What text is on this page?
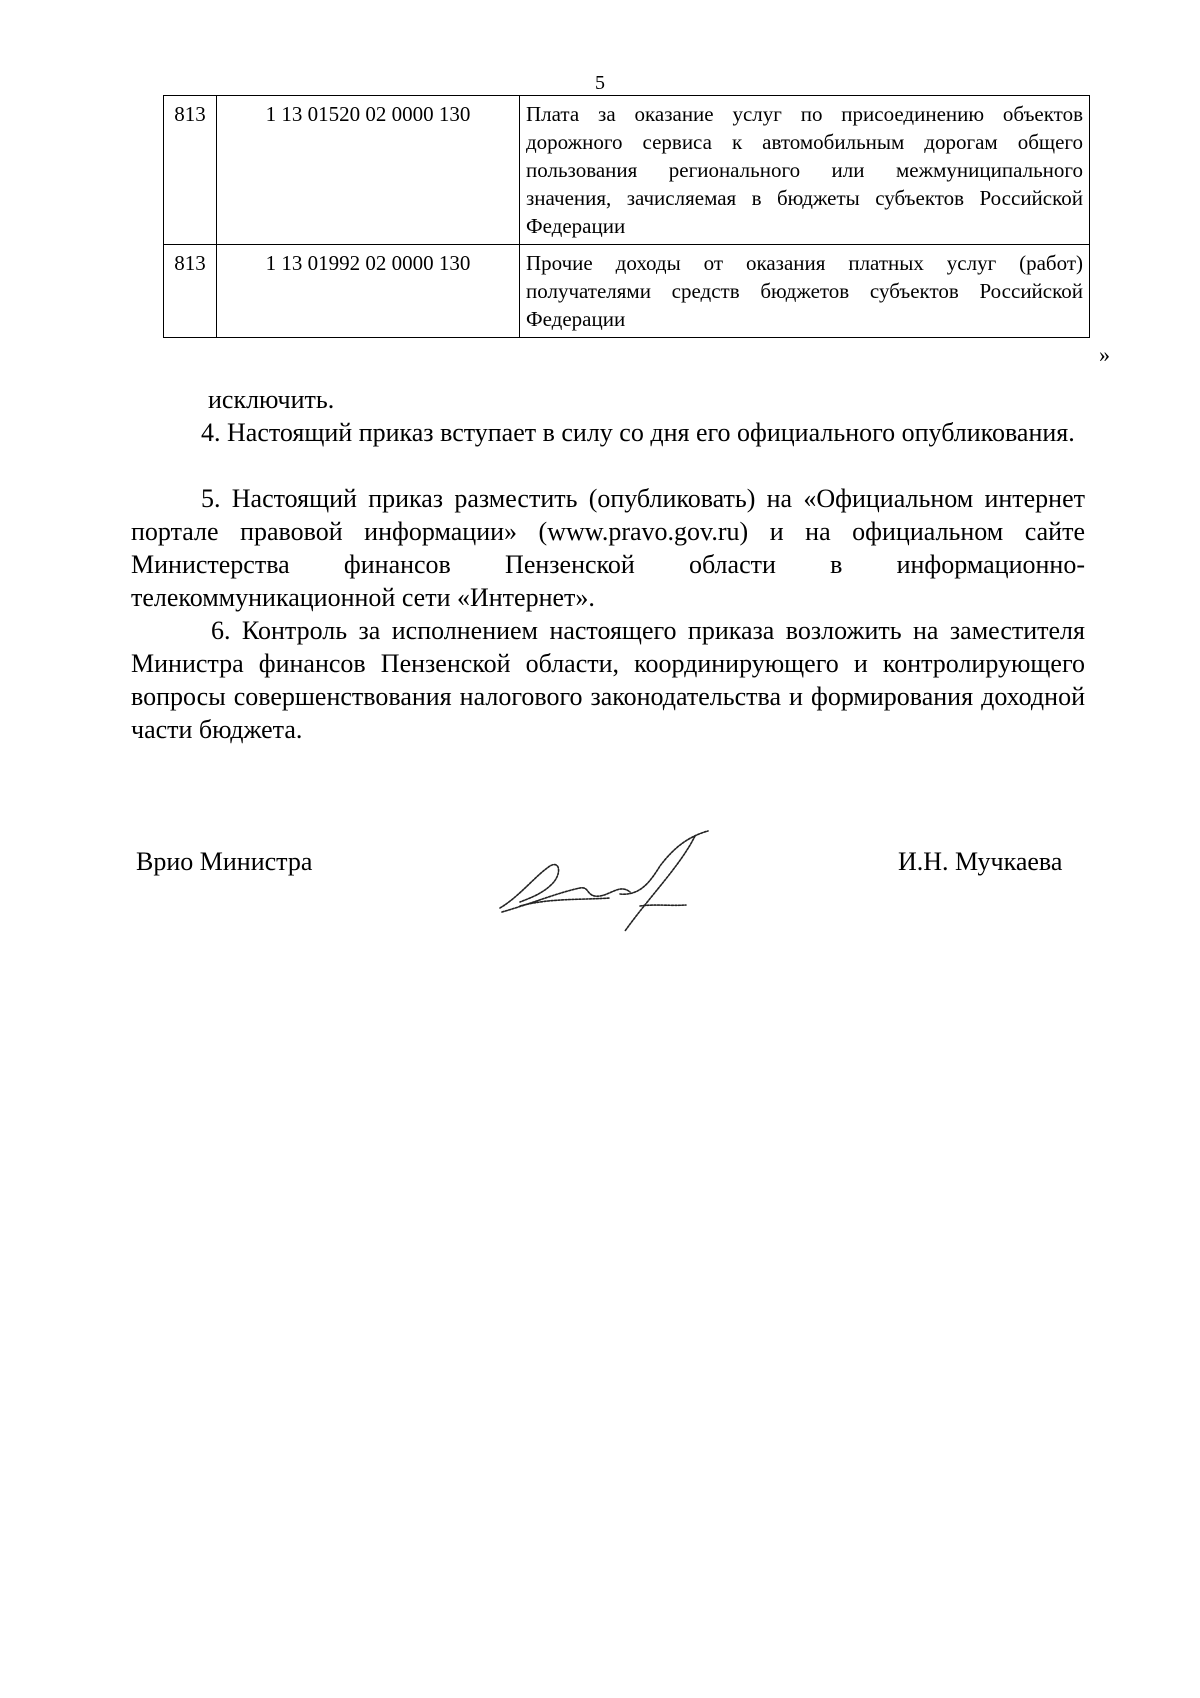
5
813	1 13 01520 02 0000 130	Плата за оказание услуг по присоединению объектов дорожного сервиса к автомобильным дорогам общего пользования регионального или межмуниципального значения, зачисляемая в бюджеты субъектов Российской Федерации
813	1 13 01992 02 0000 130	Прочие доходы от оказания платных услуг (работ) получателями средств бюджетов субъектов Российской Федерации
»
исключить.
4. Настоящий приказ вступает в силу со дня его официального опубликования.
5. Настоящий приказ разместить (опубликовать) на «Официальном интернет портале правовой информации» (www.pravo.gov.ru) и на официальном сайте Министерства финансов Пензенской области в информационно-телекоммуникационной сети «Интернет».
6. Контроль за исполнением настоящего приказа возложить на заместителя Министра финансов Пензенской области, координирующего и контролирующего вопросы совершенствования налогового законодательства и формирования доходной части бюджета.
Врио Министра	И.Н. Мучкаева
